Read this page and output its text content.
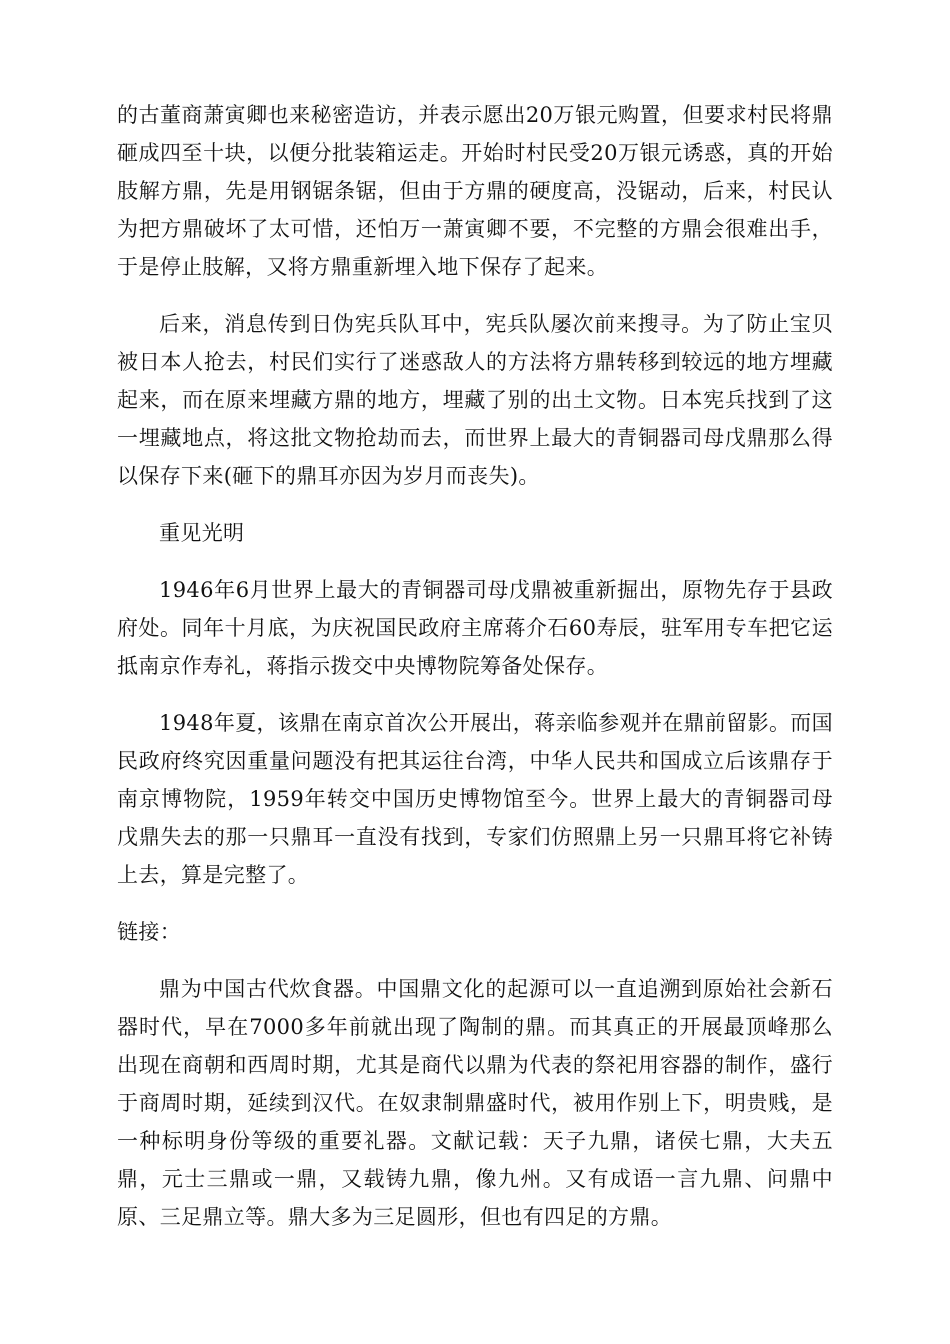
的古董商萧寅卿也来秘密造访，并表示愿出20万银元购置，但要求村民将鼎砸成四至十块，以便分批装箱运走。开始时村民受20万银元诱惑，真的开始肢解方鼎，先是用钢锯条锯，但由于方鼎的硬度高，没锯动，后来，村民认为把方鼎破坏了太可惜，还怕万一萧寅卿不要，不完整的方鼎会很难出手，于是停止肢解，又将方鼎重新埋入地下保存了起来。

后来，消息传到日伪宪兵队耳中，宪兵队屡次前来搜寻。为了防止宝贝被日本人抢去，村民们实行了迷惑敌人的方法将方鼎转移到较远的地方埋藏起来，而在原来埋藏方鼎的地方，埋藏了别的出土文物。日本宪兵找到了这一埋藏地点，将这批文物抢劫而去，而世界上最大的青铜器司母戊鼎那么得以保存下来(砸下的鼎耳亦因为岁月而丧失)。

重见光明

1946年6月世界上最大的青铜器司母戊鼎被重新掘出，原物先存于县政府处。同年十月底，为庆祝国民政府主席蒋介石60寿辰，驻军用专车把它运抵南京作寿礼，蒋指示拨交中央博物院筹备处保存。

1948年夏，该鼎在南京首次公开展出，蒋亲临参观并在鼎前留影。而国民政府终究因重量问题没有把其运往台湾，中华人民共和国成立后该鼎存于南京博物院，1959年转交中国历史博物馆至今。世界上最大的青铜器司母戊鼎失去的那一只鼎耳一直没有找到，专家们仿照鼎上另一只鼎耳将它补铸上去，算是完整了。

链接：

鼎为中国古代炊食器。中国鼎文化的起源可以一直追溯到原始社会新石器时代，早在7000多年前就出现了陶制的鼎。而其真正的开展最顶峰那么出现在商朝和西周时期，尤其是商代以鼎为代表的祭祀用容器的制作，盛行于商周时期，延续到汉代。在奴隶制鼎盛时代，被用作别上下，明贵贱，是一种标明身份等级的重要礼器。文献记载：天子九鼎，诸侯七鼎，大夫五鼎，元士三鼎或一鼎，又载铸九鼎，像九州。又有成语一言九鼎、问鼎中原、三足鼎立等。鼎大多为三足圆形，但也有四足的方鼎。
